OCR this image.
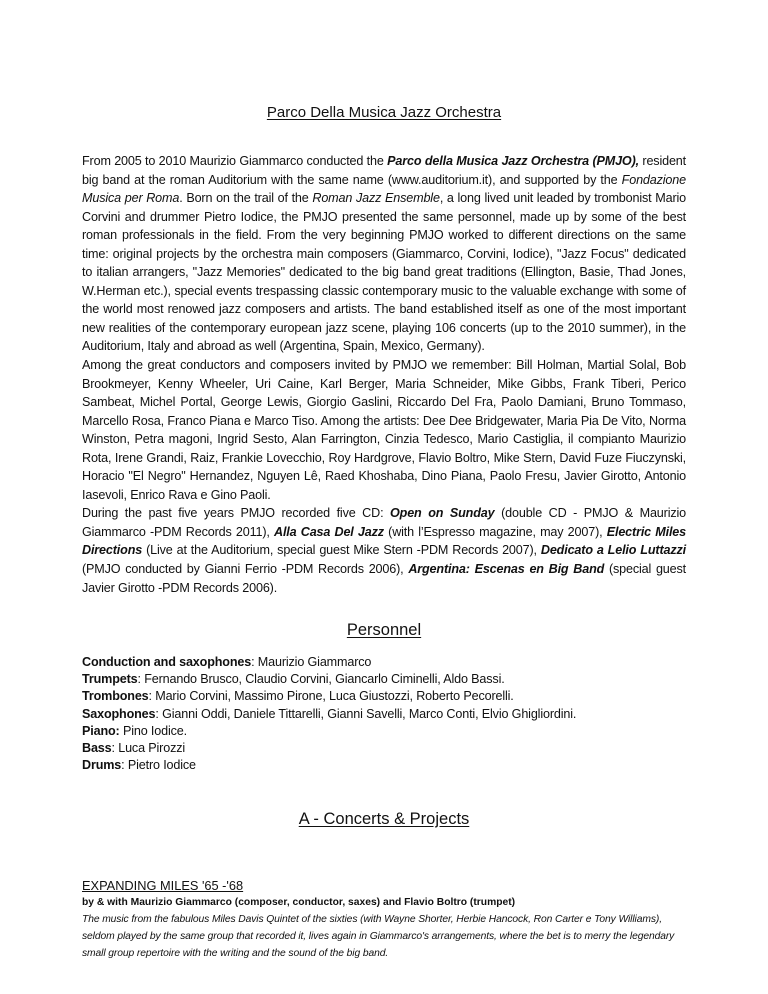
Parco Della Musica Jazz Orchestra

From 2005 to 2010 Maurizio Giammarco conducted the Parco della Musica Jazz Orchestra (PMJO), resident big band at the roman Auditorium with the same name (www.auditorium.it), and supported by the Fondazione Musica per Roma. Born on the trail of the Roman Jazz Ensemble, a long lived unit leaded by trombonist Mario Corvini and drummer Pietro Iodice, the PMJO presented the same personnel, made up by some of the best roman professionals in the field. From the very beginning PMJO worked to different directions on the same time: original projects by the orchestra main composers (Giammarco, Corvini, Iodice), "Jazz Focus" dedicated to italian arrangers, "Jazz Memories" dedicated to the big band great traditions (Ellington, Basie, Thad Jones, W.Herman etc.), special events trespassing classic contemporary music to the valuable exchange with some of the world most renowed jazz composers and artists. The band established itself as one of the most important new realities of the contemporary european jazz scene, playing 106 concerts (up to the 2010 summer), in the Auditorium, Italy and abroad as well (Argentina, Spain, Mexico, Germany).

Among the great conductors and composers invited by PMJO we remember: Bill Holman, Martial Solal, Bob Brookmeyer, Kenny Wheeler, Uri Caine, Karl Berger, Maria Schneider, Mike Gibbs, Frank Tiberi, Perico Sambeat, Michel Portal, George Lewis, Giorgio Gaslini, Riccardo Del Fra, Paolo Damiani, Bruno Tommaso, Marcello Rosa, Franco Piana e Marco Tiso. Among the artists: Dee Dee Bridgewater, Maria Pia De Vito, Norma Winston, Petra magoni, Ingrid Sesto, Alan Farrington, Cinzia Tedesco, Mario Castiglia, il compianto Maurizio Rota, Irene Grandi, Raiz, Frankie Lovecchio, Roy Hardgrove, Flavio Boltro, Mike Stern, David Fuze Fiuczynski, Horacio "El Negro" Hernandez, Nguyen Lê, Raed Khoshaba, Dino Piana, Paolo Fresu, Javier Girotto, Antonio Iasevoli, Enrico Rava e Gino Paoli.

During the past five years PMJO recorded five CD: Open on Sunday (double CD - PMJO & Maurizio Giammarco -PDM Records 2011), Alla Casa Del Jazz (with l’Espresso magazine, may 2007), Electric Miles Directions (Live at the Auditorium, special guest Mike Stern -PDM Records 2007), Dedicato a Lelio Luttazzi (PMJO conducted by Gianni Ferrio -PDM Records 2006), Argentina: Escenas en Big Band (special guest Javier Girotto -PDM Records 2006).

Personnel
Conduction and saxophones: Maurizio Giammarco
Trumpets: Fernando Brusco, Claudio Corvini, Giancarlo Ciminelli, Aldo Bassi.
Trombones: Mario Corvini, Massimo Pirone, Luca Giustozzi, Roberto Pecorelli.
Saxophones: Gianni Oddi, Daniele Tittarelli, Gianni Savelli, Marco Conti, Elvio Ghigliordini.
Piano: Pino Iodice.
Bass: Luca Pirozzi
Drums: Pietro Iodice
A - Concerts & Projects
EXPANDING MILES '65 -'68
by & with Maurizio Giammarco (composer, conductor, saxes) and Flavio Boltro (trumpet)
The music from the fabulous Miles Davis Quintet of the sixties (with Wayne Shorter, Herbie Hancock, Ron Carter e Tony Williams), seldom played by the same group that recorded it, lives again in Giammarco's arrangements, where the bet is to merry the legendary small group repertoire with the writing and the sound of the big band.
